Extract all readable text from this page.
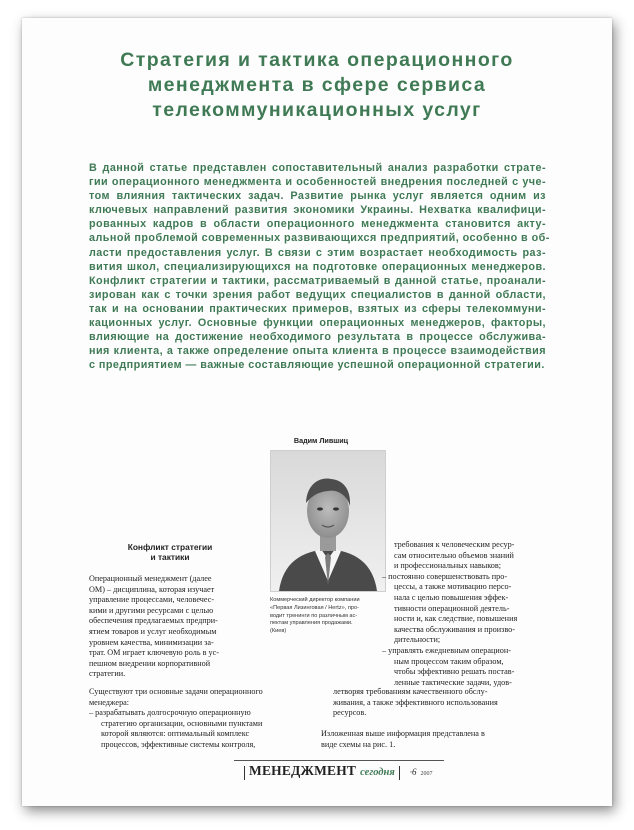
Стратегия и тактика операционного
менеджмента в сфере сервиса
телекоммуникационных услуг
В данной статье представлен сопоставительный анализ разработки страте-
гии операционного менеджмента и особенностей внедрения последней с уче-
том влияния тактических задач. Развитие рынка услуг является одним из
ключевых направлений развития экономики Украины. Нехватка квалифици-
рованных кадров в области операционного менеджмента становится акту-
альной проблемой современных развивающихся предприятий, особенно в об-
ласти предоставления услуг. В связи с этим возрастает необходимость раз-
вития школ, специализирующихся на подготовке операционных менеджеров.
Конфликт стратегии и тактики, рассматриваемый в данной статье, проанали-
зирован как с точки зрения работ ведущих специалистов в данной области,
так и на основании практических примеров, взятых из сферы телекоммуни-
кационных услуг. Основные функции операционных менеджеров, факторы,
влияющие на достижение необходимого результата в процессе обслужива-
ния клиента, а также определение опыта клиента в процессе взаимодействия
с предприятием — важные составляющие успешной операционной стратегии.
Вадим Лившиц
Коммерческий директор компании
«Первая Лизинговая / Hertz», про-
водит тренинги по различным ас-
пектам управления продажами.
(Киев)
Конфликт стратегии
и тактики
Операционный менеджмент (далее
ОМ) – дисциплина, которая изучает
управление процессами, человечес-
кими и другими ресурсами с целью
обеспечения предлагаемых предпри-
ятием товаров и услуг необходимым
уровнем качества, минимизации за-
трат. ОМ играет ключевую роль в ус-
пешном внедрении корпоративной
стратегии.
требования к человеческим ресур-
сам относительно объемов знаний
и профессиональных навыков;
– постоянно совершенствовать про-
цессы, а также мотивацию персо-
нала с целью повышения эффек-
тивности операционной деятель-
ности и, как следствие, повышения
качества обслуживания и произво-
дительности;
– управлять ежедневным операцион-
ным процессом таким образом,
чтобы эффективно решать постав-
ленные тактические задачи, удов-
Существуют три основные задачи операционного
менеджера:
– разрабатывать долгосрочную операционную
стратегию организации, основными пунктами
которой являются: оптимальный комплекс
процессов, эффективные системы контроля,
летворяя требованиям качественного обслу-
живания, а также эффективного использования
ресурсов.

Изложенная выше информация представлена в
виде схемы на рис. 1.
МЕНЕДЖМЕНТ сегодня ·6 2007
